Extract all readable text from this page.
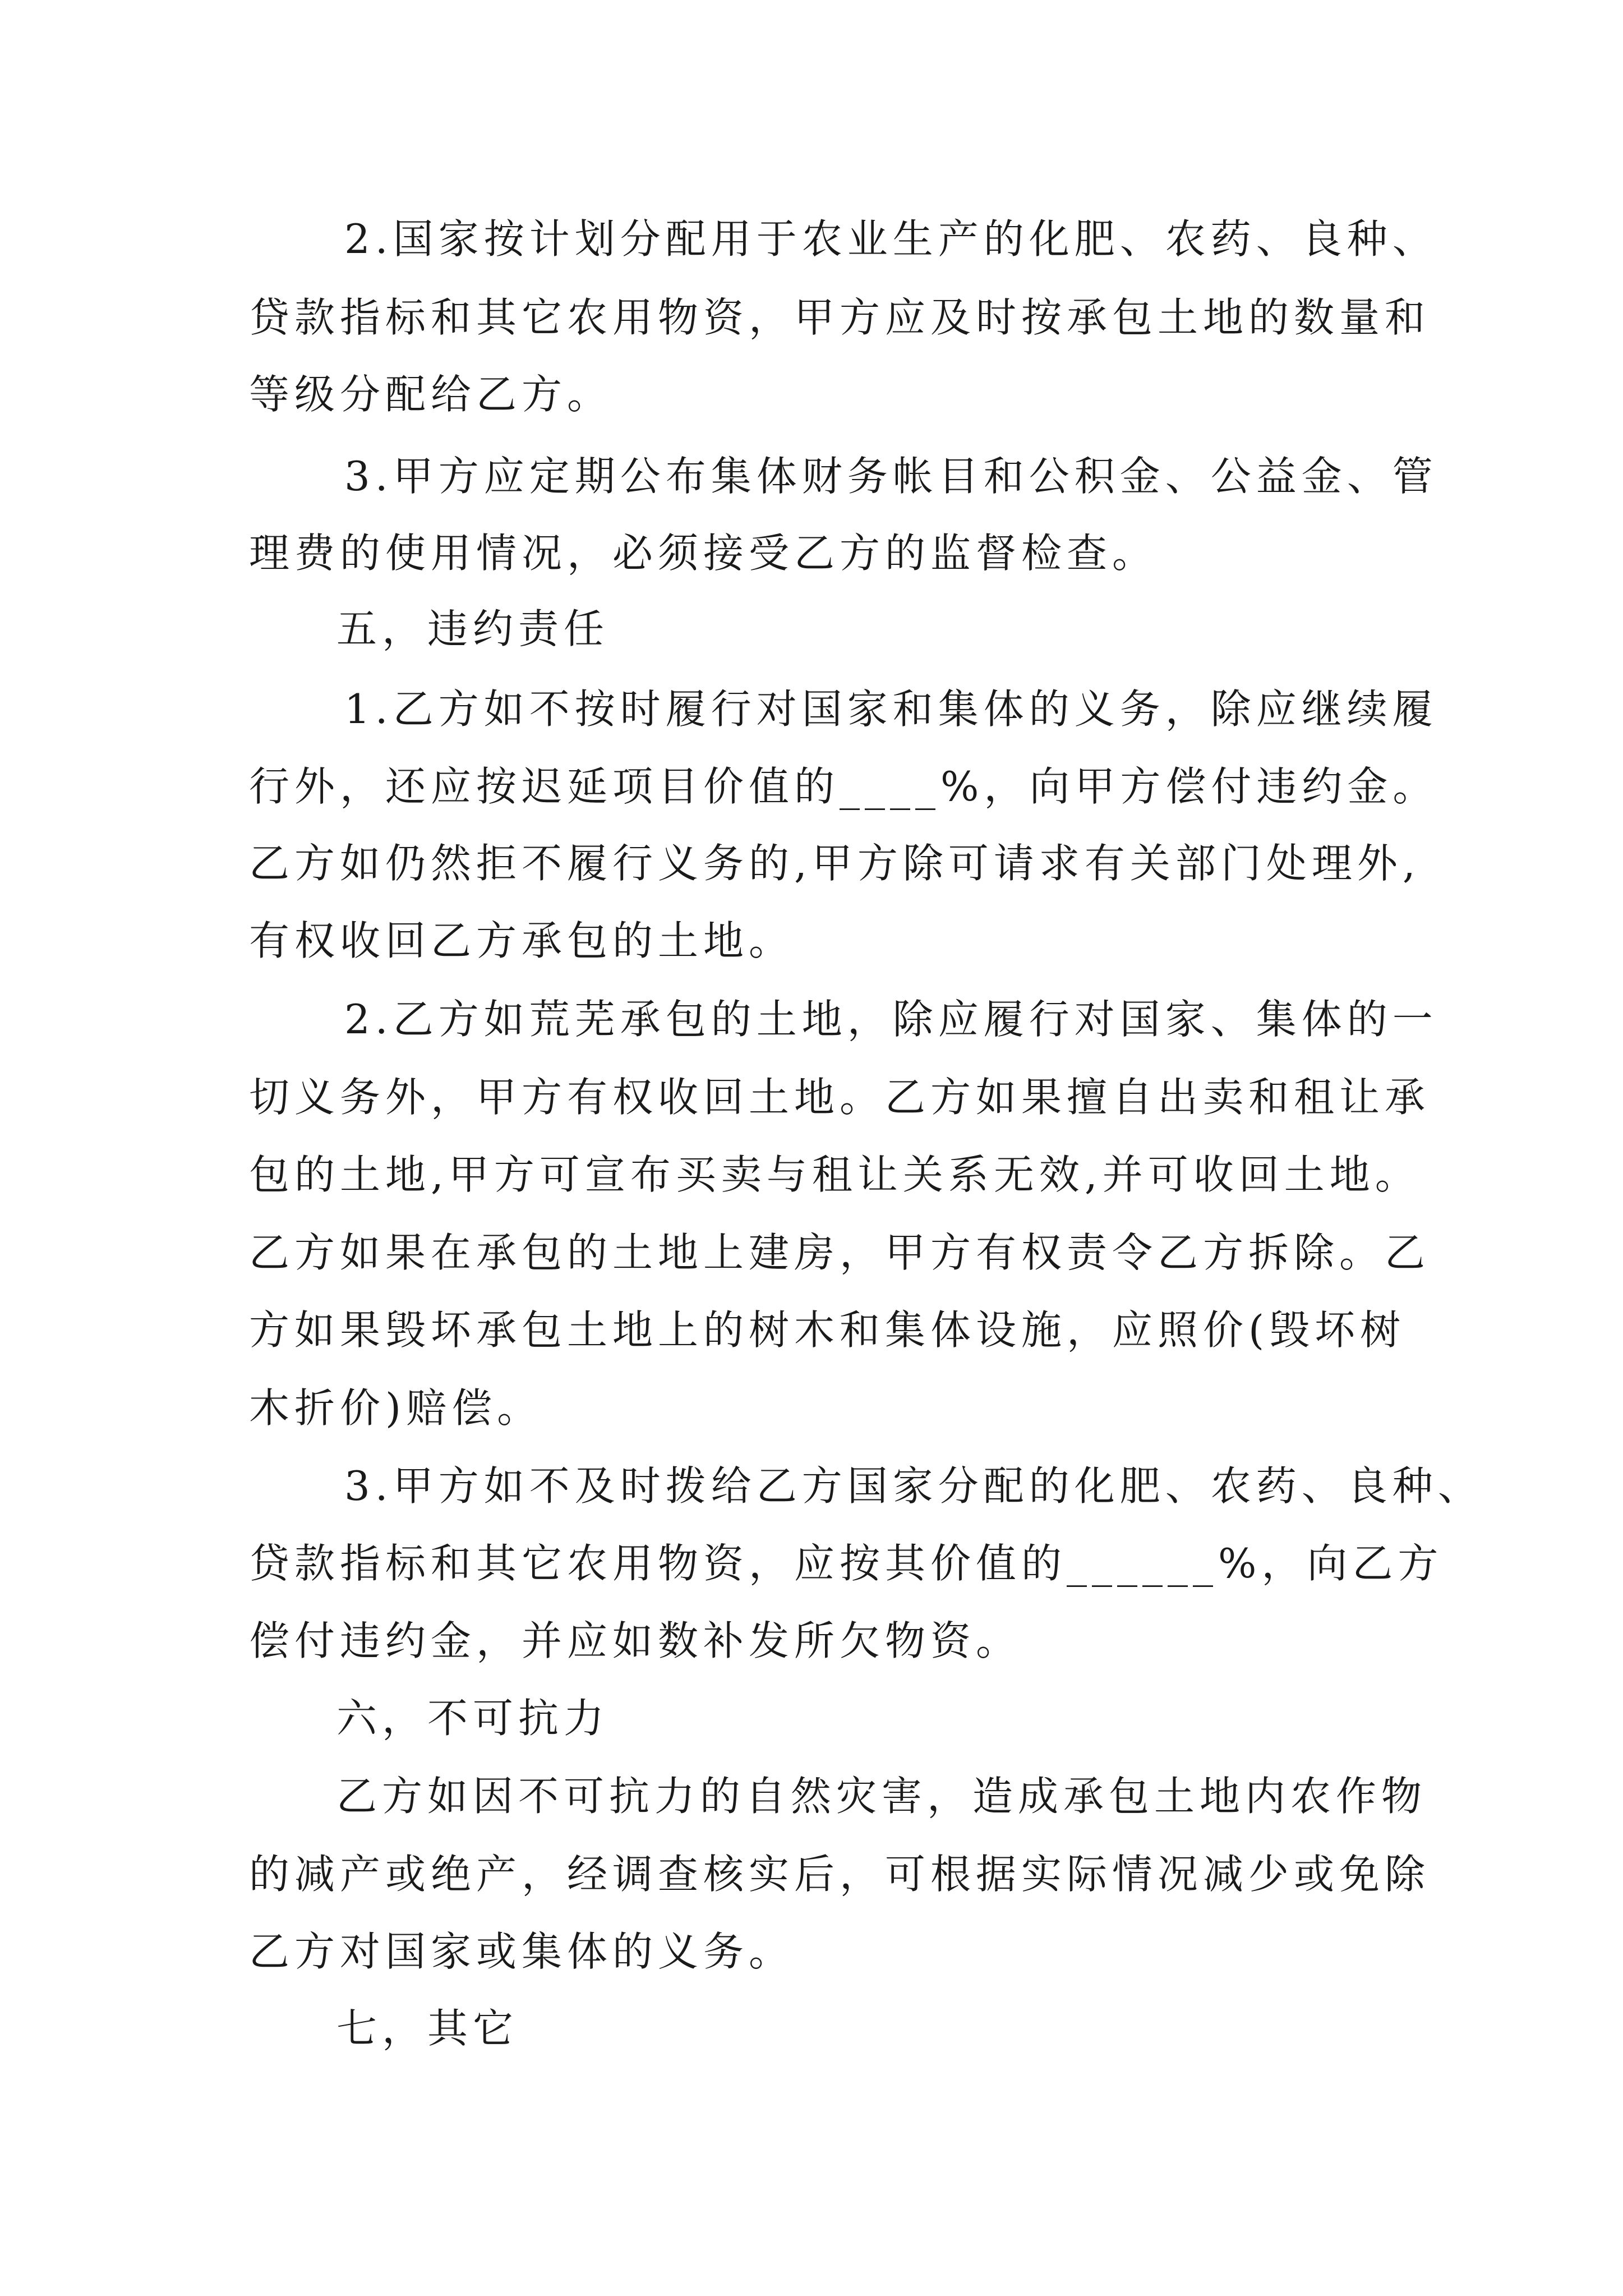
2.国家按计划分配用于农业生产的化肥、农药、良种、
贷款指标和其它农用物资，甲方应及时按承包土地的数量和
等级分配给乙方。
3.甲方应定期公布集体财务帐目和公积金、公益金、管
理费的使用情况，必须接受乙方的监督检查。
五，违约责任
1.乙方如不按时履行对国家和集体的义务，除应继续履
行外，还应按迟延项目价值的____%，向甲方偿付违约金。
乙方如仍然拒不履行义务的,甲方除可请求有关部门处理外,
有权收回乙方承包的土地。
2.乙方如荒芜承包的土地，除应履行对国家、集体的一
切义务外，甲方有权收回土地。乙方如果擅自出卖和租让承
包的土地,甲方可宣布买卖与租让关系无效,并可收回土地。
乙方如果在承包的土地上建房，甲方有权责令乙方拆除。乙
方如果毁坏承包土地上的树木和集体设施，应照价(毁坏树
木折价)赔偿。
3.甲方如不及时拨给乙方国家分配的化肥、农药、良种、
贷款指标和其它农用物资，应按其价值的______%，向乙方
偿付违约金，并应如数补发所欠物资。
六，不可抗力
乙方如因不可抗力的自然灾害，造成承包土地内农作物
的减产或绝产，经调查核实后，可根据实际情况减少或免除
乙方对国家或集体的义务。
七，其它
